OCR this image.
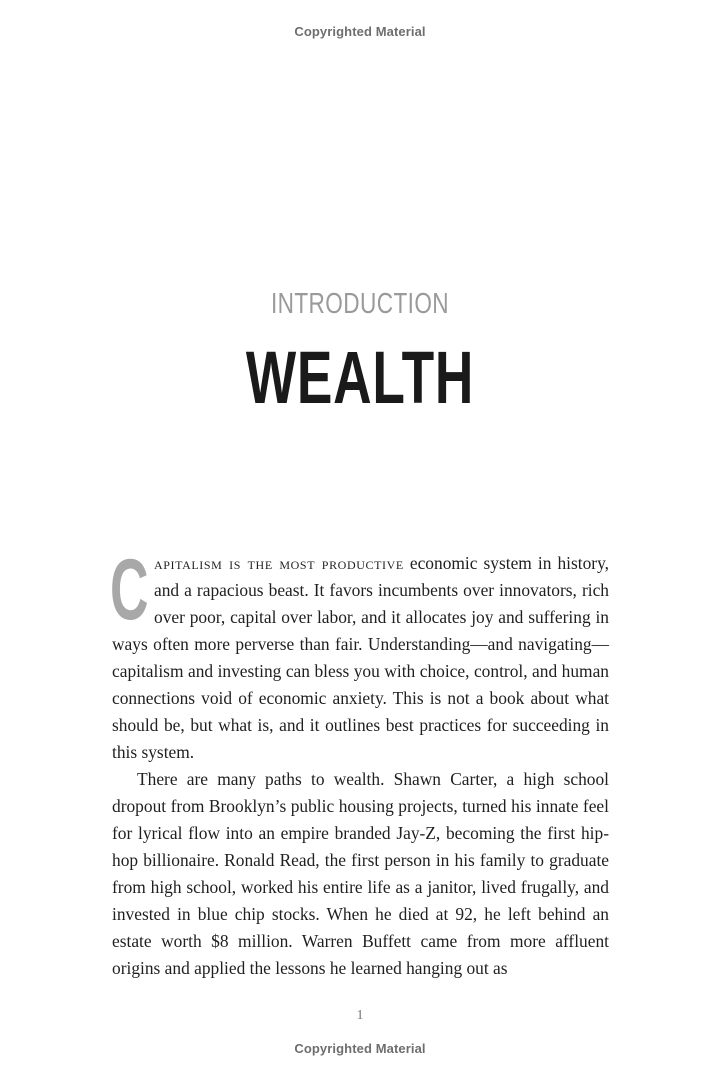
Copyrighted Material
INTRODUCTION
WEALTH

Capitalism is the most productive economic system in history, and a rapacious beast. It favors incumbents over innovators, rich over poor, capital over labor, and it allocates joy and suffering in ways often more perverse than fair. Understanding—and navigating—capitalism and investing can bless you with choice, control, and human connections void of economic anxiety. This is not a book about what should be, but what is, and it outlines best practices for succeeding in this system.

There are many paths to wealth. Shawn Carter, a high school dropout from Brooklyn’s public housing projects, turned his innate feel for lyrical flow into an empire branded Jay-Z, becoming the first hip-hop billionaire. Ronald Read, the first person in his family to graduate from high school, worked his entire life as a janitor, lived frugally, and invested in blue chip stocks. When he died at 92, he left behind an estate worth $8 million. Warren Buffett came from more affluent origins and applied the lessons he learned hanging out as

1
Copyrighted Material
